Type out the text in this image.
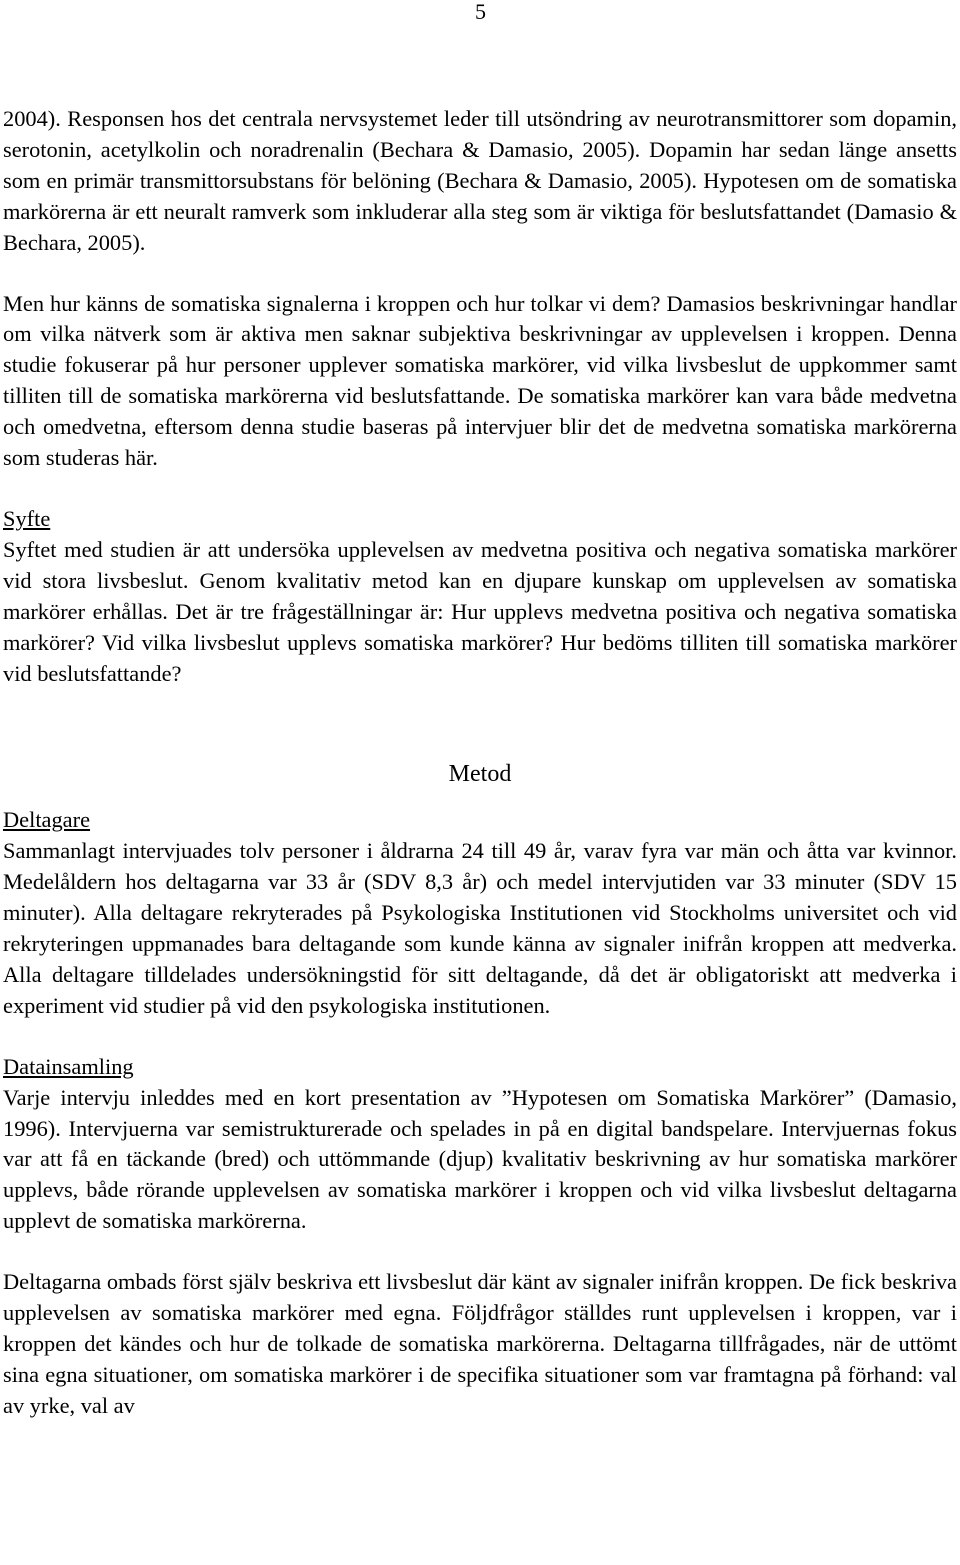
5

2004). Responsen hos det centrala nervsystemet leder till utsöndring av neurotransmittorer som dopamin, serotonin, acetylkolin och noradrenalin (Bechara & Damasio, 2005). Dopamin har sedan länge ansetts som en primär transmittorsubstans för belöning (Bechara & Damasio, 2005). Hypotesen om de somatiska markörerna är ett neuralt ramverk som inkluderar alla steg som är viktiga för beslutsfattandet (Damasio & Bechara, 2005).

Men hur känns de somatiska signalerna i kroppen och hur tolkar vi dem? Damasios beskrivningar handlar om vilka nätverk som är aktiva men saknar subjektiva beskrivningar av upplevelsen i kroppen. Denna studie fokuserar på hur personer upplever somatiska markörer, vid vilka livsbeslut de uppkommer samt tilliten till de somatiska markörerna vid beslutsfattande. De somatiska markörer kan vara både medvetna och omedvetna, eftersom denna studie baseras på intervjuer blir det de medvetna somatiska markörerna som studeras här.

Syfte

Syftet med studien är att undersöka upplevelsen av medvetna positiva och negativa somatiska markörer vid stora livsbeslut. Genom kvalitativ metod kan en djupare kunskap om upplevelsen av somatiska markörer erhållas. Det är tre frågeställningar är: Hur upplevs medvetna positiva och negativa somatiska markörer? Vid vilka livsbeslut upplevs somatiska markörer? Hur bedöms tilliten till somatiska markörer vid beslutsfattande?

Metod
Deltagare

Sammanlagt intervjuades tolv personer i åldrarna 24 till 49 år, varav fyra var män och åtta var kvinnor. Medelåldern hos deltagarna var 33 år (SDV 8,3 år) och medel intervjutiden var 33 minuter (SDV 15 minuter). Alla deltagare rekryterades på Psykologiska Institutionen vid Stockholms universitet och vid rekryteringen uppmanades bara deltagande som kunde känna av signaler inifrån kroppen att medverka. Alla deltagare tilldelades undersökningstid för sitt deltagande, då det är obligatoriskt att medverka i experiment vid studier på vid den psykologiska institutionen.

Datainsamling

Varje intervju inleddes med en kort presentation av ”Hypotesen om Somatiska Markörer” (Damasio, 1996). Intervjuerna var semistrukturerade och spelades in på en digital bandspelare. Intervjuernas fokus var att få en täckande (bred) och uttömmande (djup) kvalitativ beskrivning av hur somatiska markörer upplevs, både rörande upplevelsen av somatiska markörer i kroppen och vid vilka livsbeslut deltagarna upplevt de somatiska markörerna.

Deltagarna ombads först själv beskriva ett livsbeslut där känt av signaler inifrån kroppen. De fick beskriva upplevelsen av somatiska markörer med egna. Följdfrågor ställdes runt upplevelsen i kroppen, var i kroppen det kändes och hur de tolkade de somatiska markörerna. Deltagarna tillfrågades, när de uttömt sina egna situationer, om somatiska markörer i de specifika situationer som var framtagna på förhand: val av yrke, val av
